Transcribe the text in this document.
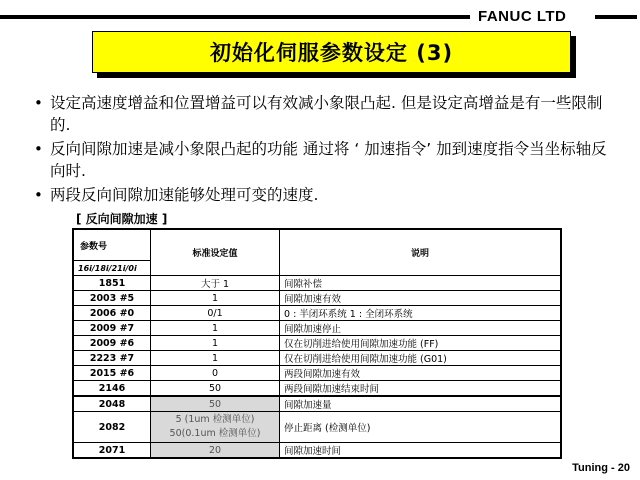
FANUC LTD
初始化伺服参数设定 (3)
• 设定高速度增益和位置增益可以有效减小象限凸起. 但是设定高增益是有一些限制的.
• 反向间隙加速是减小象限凸起的功能 通过将 ‘ 加速指令’ 加到速度指令当坐标轴反向时.
• 两段反向间隙加速能够处理可变的速度.
[ 反向间隙加速 ]
参数号	标准设定值	说明
16i/18i/21i/0i		
1851	大于 1	间隙补偿
2003 #5	1	间隙加速有效
2006 #0	0/1	0 : 半闭环系统 1 : 全闭环系统
2009 #7	1	间隙加速停止
2009 #6	1	仅在切削进给使用间隙加速功能 (FF)
2223 #7	1	仅在切削进给使用间隙加速功能 (G01)
2015 #6	0	两段间隙加速有效
2146	50	两段间隙加速结束时间
2048	50	间隙加速量
2082	5 (1um 检测单位)
50(0.1um 检测单位)	停止距离 (检测单位)
2071	20	间隙加速时间
Tuning - 20
